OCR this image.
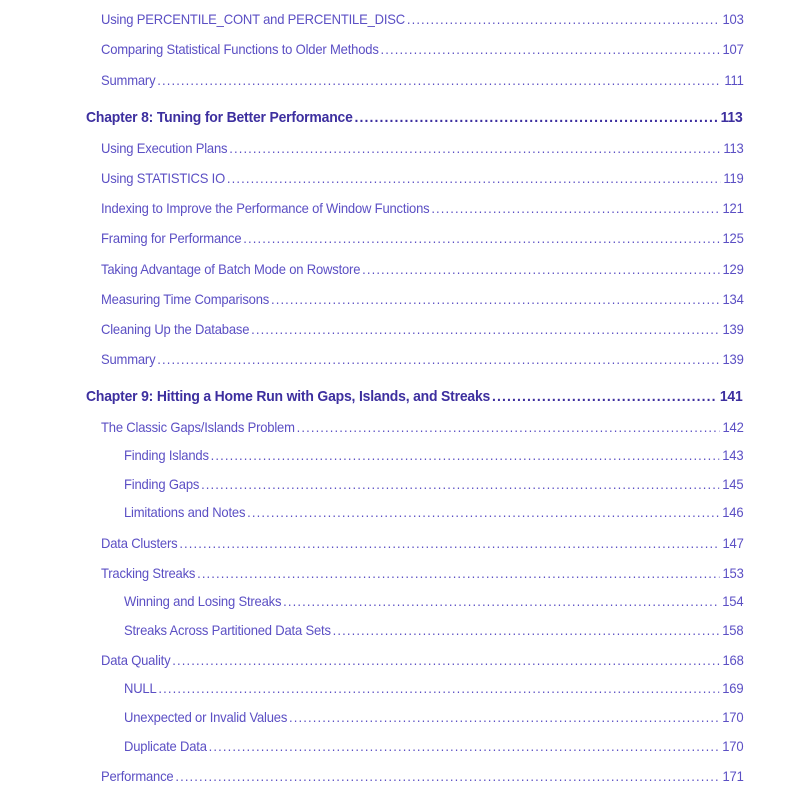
Using PERCENTILE_CONT and PERCENTILE_DISC .....	103
Comparing Statistical Functions to Older Methods .....	107
Summary .....	111
Chapter 8: Tuning for Better Performance .....	113
Using Execution Plans .....	113
Using STATISTICS IO .....	119
Indexing to Improve the Performance of Window Functions .....	121
Framing for Performance .....	125
Taking Advantage of Batch Mode on Rowstore .....	129
Measuring Time Comparisons .....	134
Cleaning Up the Database .....	139
Summary .....	139
Chapter 9: Hitting a Home Run with Gaps, Islands, and Streaks .....	141
The Classic Gaps/Islands Problem .....	142
Finding Islands .....	143
Finding Gaps .....	145
Limitations and Notes .....	146
Data Clusters .....	147
Tracking Streaks .....	153
Winning and Losing Streaks .....	154
Streaks Across Partitioned Data Sets .....	158
Data Quality .....	168
NULL .....	169
Unexpected or Invalid Values .....	170
Duplicate Data .....	170
Performance .....	171
